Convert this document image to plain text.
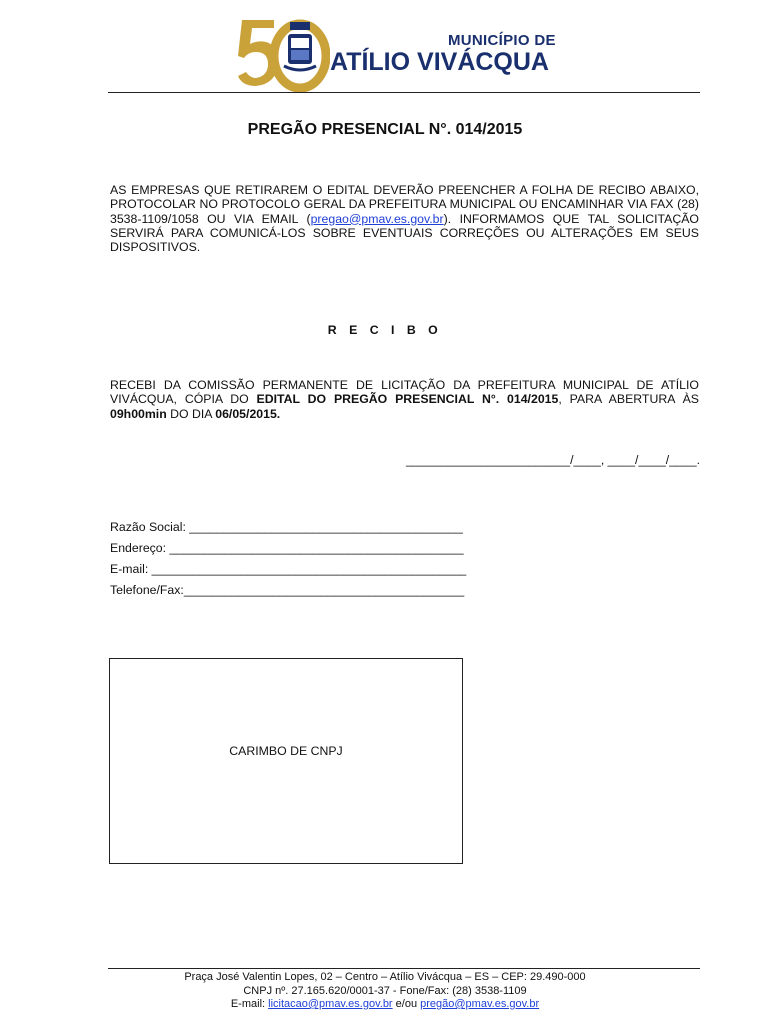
MUNICÍPIO DE
ATÍLIO VIVÁCQUA
PREGÃO PRESENCIAL N°. 014/2015
AS EMPRESAS QUE RETIRAREM O EDITAL DEVERÃO PREENCHER A FOLHA DE RECIBO ABAIXO, PROTOCOLAR NO PROTOCOLO GERAL DA PREFEITURA MUNICIPAL OU ENCAMINHAR VIA FAX (28) 3538-1109/1058 OU VIA EMAIL (pregao@pmav.es.gov.br). INFORMAMOS QUE TAL SOLICITAÇÃO SERVIRÁ PARA COMUNICÁ-LOS SOBRE EVENTUAIS CORREÇÕES OU ALTERAÇÕES EM SEUS DISPOSITIVOS.
R E C I B O
RECEBI DA COMISSÃO PERMANENTE DE LICITAÇÃO DA PREFEITURA MUNICIPAL DE ATÍLIO VIVÁCQUA, CÓPIA DO EDITAL DO PREGÃO PRESENCIAL N°. 014/2015, PARA ABERTURA ÀS 09h00min DO DIA 06/05/2015.
________________________/____, ____/____/____.
Razão Social: ________________________________________
Endereço: ___________________________________________
E-mail: ______________________________________________
Telefone/Fax:_________________________________________
CARIMBO DE CNPJ
Praça José Valentin Lopes, 02 – Centro – Atílio Vivácqua – ES – CEP: 29.490-000
CNPJ nº. 27.165.620/0001-37 - Fone/Fax: (28) 3538-1109
E-mail: licitacao@pmav.es.gov.br e/ou pregão@pmav.es.gov.br
